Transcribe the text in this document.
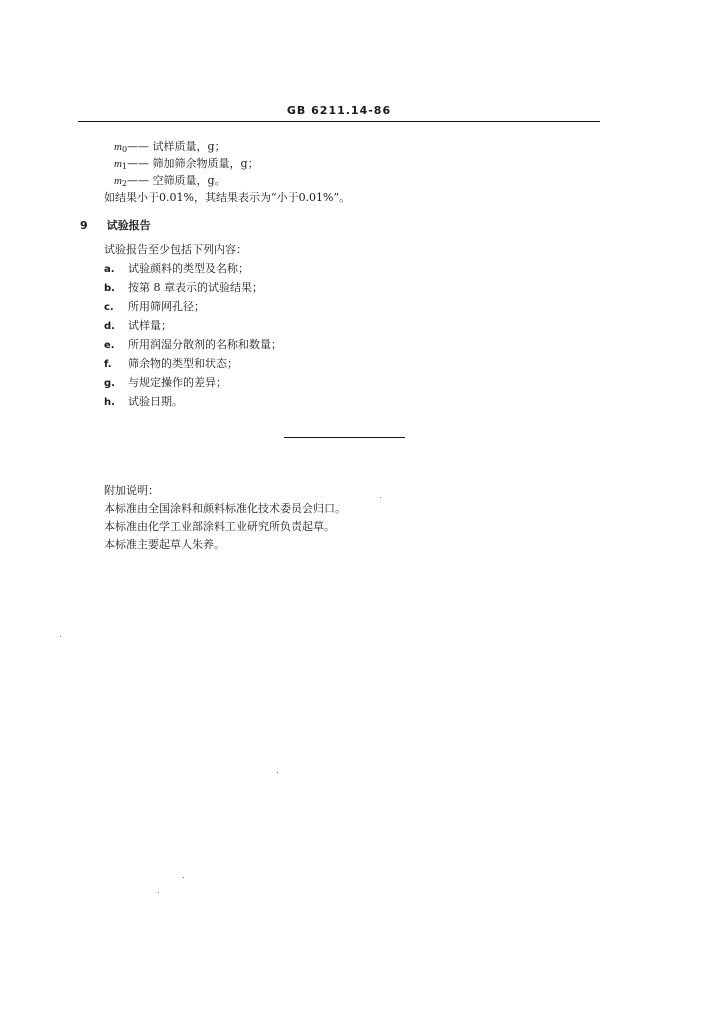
GB 6211.14-86
$m_0——$ 试样质量，g；
$m_1——$ 筛加筛余物质量，g；
$m_2——$ 空筛质量，g。
如结果小于0.01%，其结果表示为“小于0.01%”。
9 试验报告
试验报告至少包括下列内容：
a. 试验颜料的类型及名称；
b. 按第 8 章表示的试验结果；
c. 所用筛网孔径；
d. 试样量；
e. 所用润湿分散剂的名称和数量；
f. 筛余物的类型和状态；
g. 与规定操作的差异；
h. 试验日期。
附加说明：
本标准由全国涂料和颜料标准化技术委员会归口。
本标准由化学工业部涂料工业研究所负责起草。
本标准主要起草人朱养。
